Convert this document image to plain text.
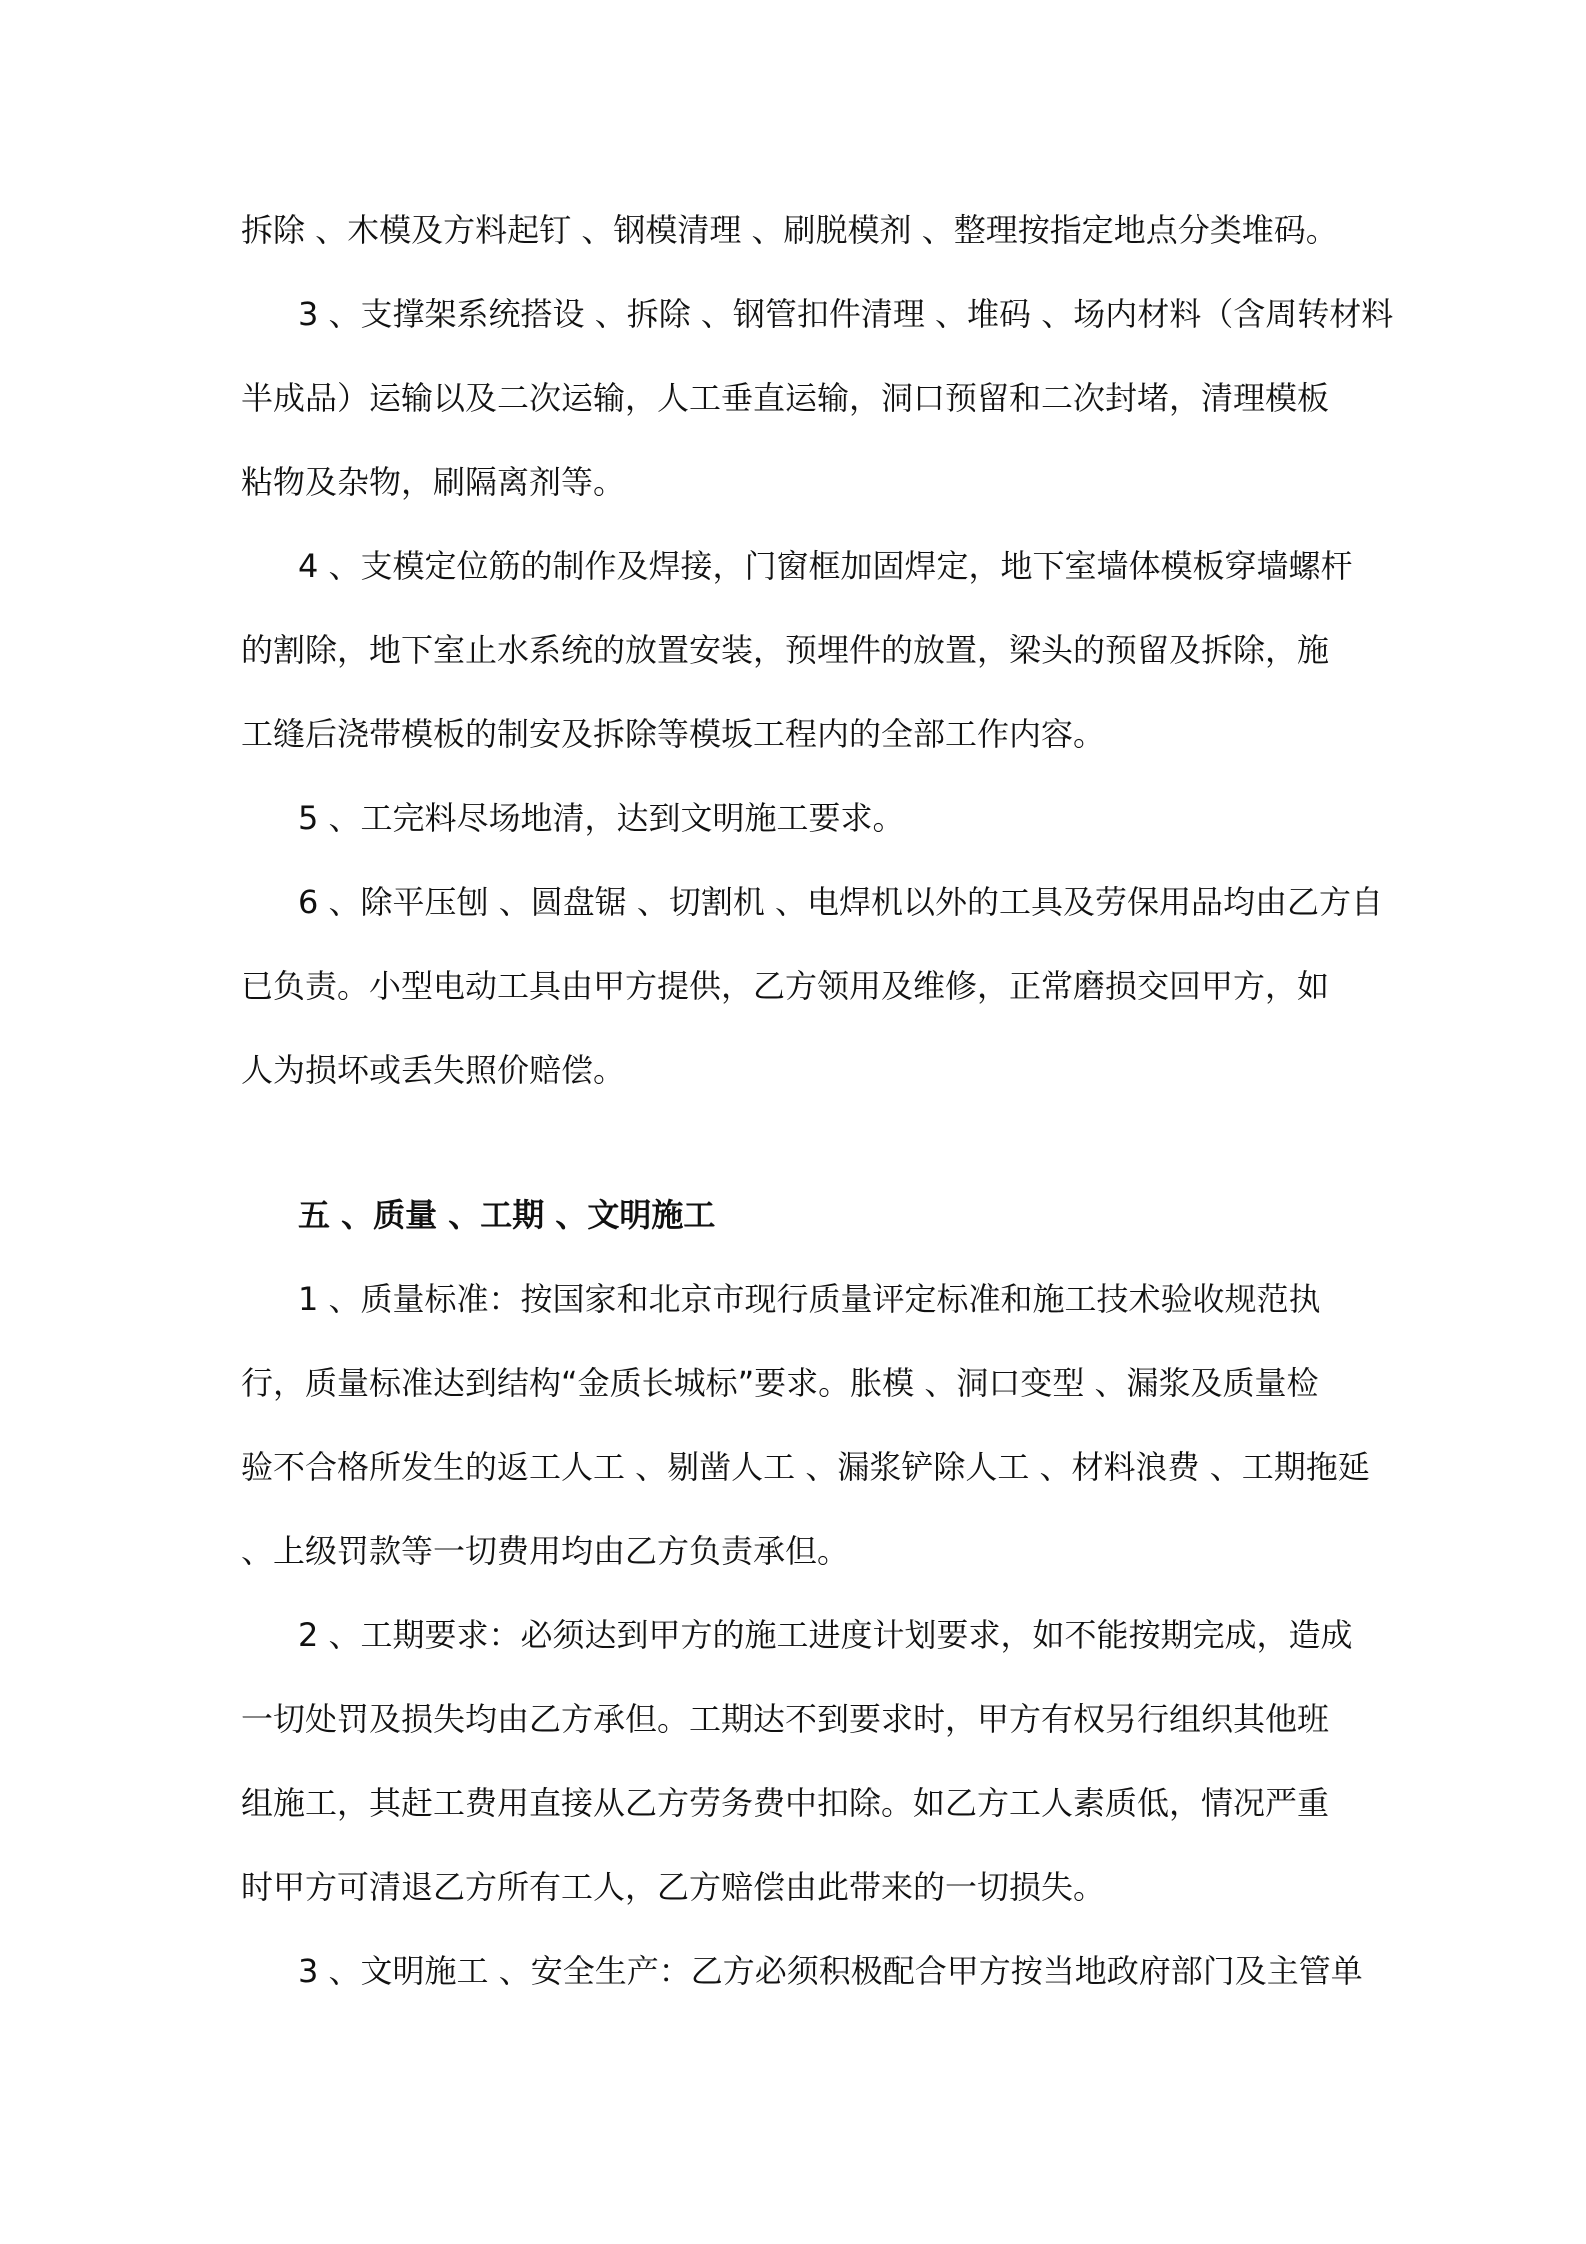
拆除 、木模及方料起钉 、钢模清理 、刷脱模剂 、整理按指定地点分类堆码。
3 、支撑架系统搭设 、拆除 、钢管扣件清理 、堆码 、场内材料（含周转材料
半成品）运输以及二次运输，人工垂直运输，洞口预留和二次封堵，清理模板
粘物及杂物，刷隔离剂等。
4 、支模定位筋的制作及焊接，门窗框加固焊定，地下室墙体模板穿墙螺杆
的割除，地下室止水系统的放置安装，预埋件的放置，梁头的预留及拆除，施
工缝后浇带模板的制安及拆除等模坂工程内的全部工作内容。
5 、工完料尽场地清，达到文明施工要求。
6 、除平压刨 、圆盘锯 、切割机 、电焊机以外的工具及劳保用品均由乙方自
已负责。小型电动工具由甲方提供，乙方领用及维修，正常磨损交回甲方，如
人为损坏或丢失照价赔偿。
五 、质量 、工期 、文明施工
1 、质量标准：按国家和北京市现行质量评定标准和施工技术验收规范执
行，质量标准达到结构“金质长城标”要求。胀模 、洞口变型 、漏浆及质量检
验不合格所发生的返工人工 、剔凿人工 、漏浆铲除人工 、材料浪费 、工期拖延
、上级罚款等一切费用均由乙方负责承但。
2 、工期要求：必须达到甲方的施工进度计划要求，如不能按期完成，造成
一切处罚及损失均由乙方承但。工期达不到要求时，甲方有权另行组织其他班
组施工，其赶工费用直接从乙方劳务费中扣除。如乙方工人素质低，情况严重
时甲方可清退乙方所有工人，乙方赔偿由此带来的一切损失。
3 、文明施工 、安全生产：乙方必须积极配合甲方按当地政府部门及主管单
